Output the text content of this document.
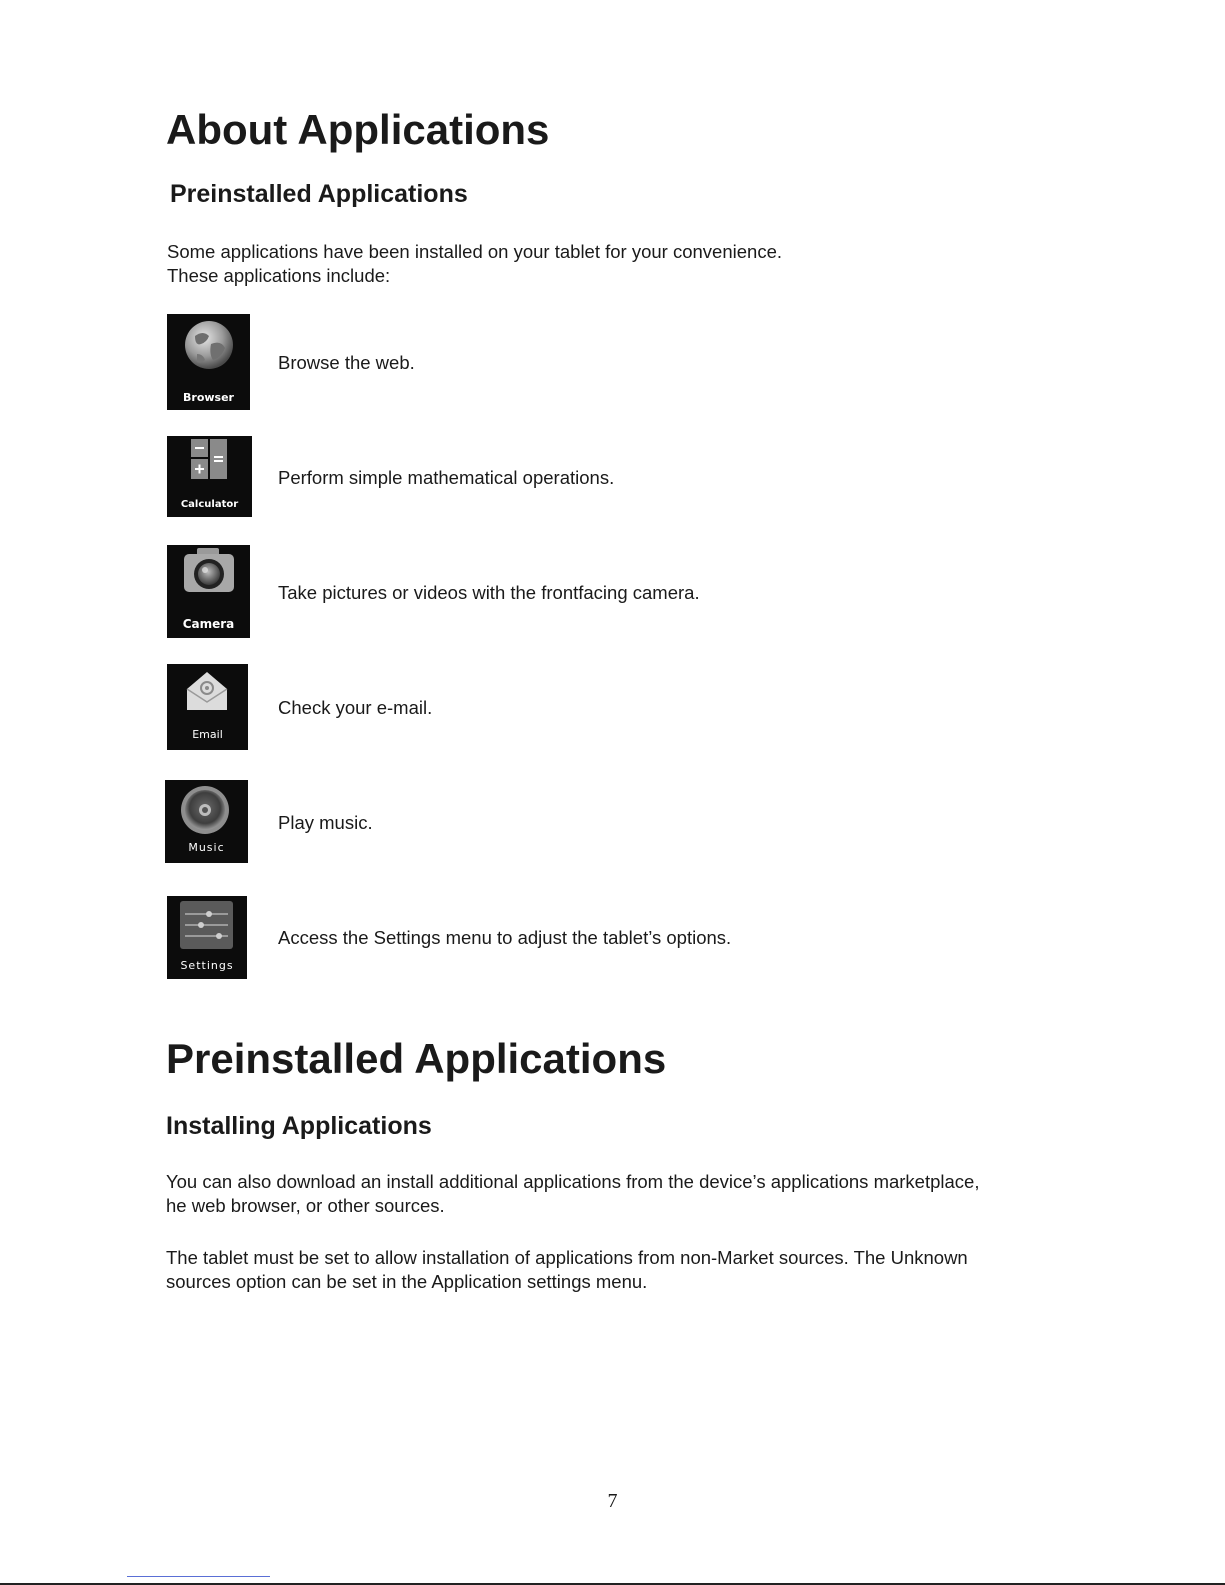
About Applications
Preinstalled Applications
Some applications have been installed on your tablet for your convenience.
These applications include:
Browser
Browse the web.
Calculator
Perform simple mathematical operations.
Camera
Take pictures or videos with the frontfacing camera.
Email
Check your e-mail.
Music
Play music.
Settings
Access the Settings menu to adjust the tablet’s options.
Preinstalled Applications
Installing Applications
You can also download an install additional applications from the device’s applications marketplace,
he web browser, or other sources.
The tablet must be set to allow installation of applications from non-Market sources. The Unknown
sources option can be set in the Application settings menu.
7
